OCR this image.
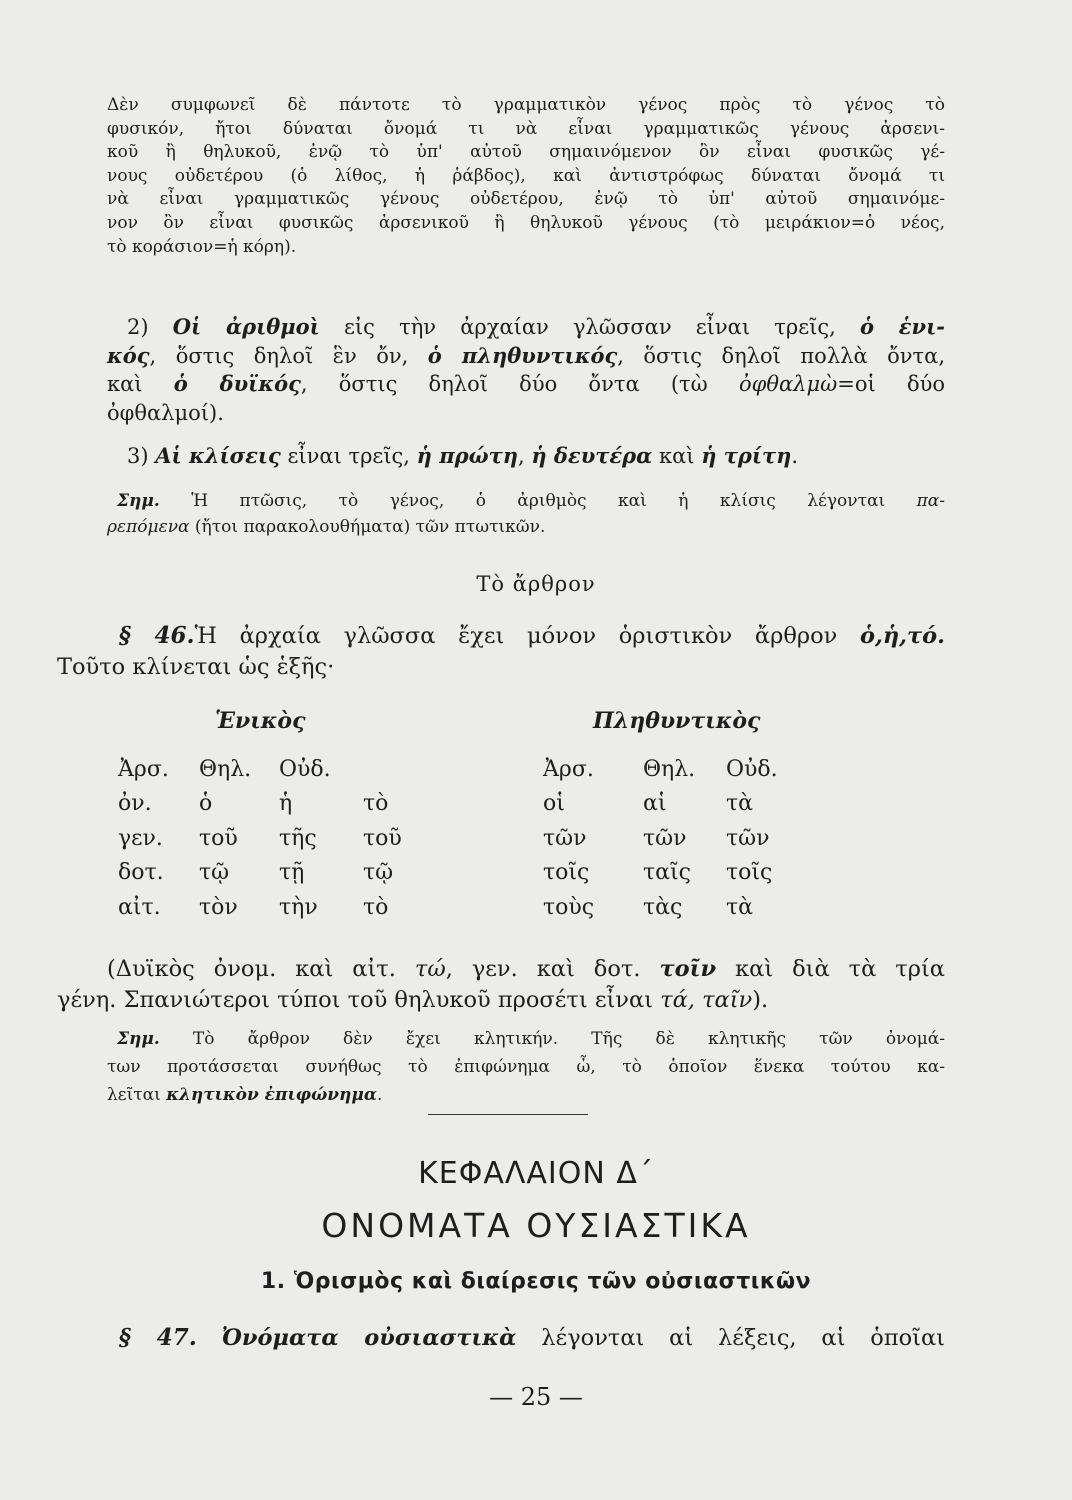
Δὲν συμφωνεῖ δὲ πάντοτε τὸ γραμματικὸν γένος πρὸς τὸ γένος τὸ
φυσικόν, ἤτοι δύναται ὄνομά τι νὰ εἶναι γραμματικῶς γένους ἀρσενι-
κοῦ ἢ θηλυκοῦ, ἐνῷ τὸ ὑπ' αὐτοῦ σημαινόμενον ὂν εἶναι φυσικῶς γέ-
νους οὐδετέρου (ὁ λίθος, ἡ ῥάβδος), καὶ ἀντιστρόφως δύναται ὄνομά τι
νὰ εἶναι γραμματικῶς γένους οὐδετέρου, ἐνῷ τὸ ὑπ' αὐτοῦ σημαινόμε-
νον ὂν εἶναι φυσικῶς ἀρσενικοῦ ἢ θηλυκοῦ γένους (τὸ μειράκιον=ὁ νέος,
τὸ κοράσιον=ἡ κόρη).
2) Οἱ ἀριθμοὶ εἰς τὴν ἀρχαίαν γλῶσσαν εἶναι τρεῖς, ὁ ἑνι-
κός, ὅστις δηλοῖ ἓν ὄν, ὁ πληθυντικός, ὅστις δηλοῖ πολλὰ ὄντα,
καὶ ὁ δυϊκός, ὅστις δηλοῖ δύο ὄντα (τὼ ὀφθαλμὼ=οἱ δύο
ὀφθαλμοί).
3) Αἱ κλίσεις εἶναι τρεῖς, ἡ πρώτη, ἡ δευτέρα καὶ ἡ τρίτη.
Σημ. Ἡ πτῶσις, τὸ γένος, ὁ ἀριθμὸς καὶ ἡ κλίσις λέγονται πα-
ρεπόμενα (ἤτοι παρακολουθήματα) τῶν πτωτικῶν.
Τὸ ἄρθρον
§ 46.Ἡ ἀρχαία γλῶσσα ἔχει μόνον ὁριστικὸν ἄρθρον ὁ,ἡ,τό.
Τοῦτο κλίνεται ὡς ἑξῆς·
Ἑνικὸς	Πληθυντικὸς
Ἀρσ.	Θηλ.	Οὐδ.			Ἀρσ.	Θηλ.	Οὐδ.
ὀν.	ὁ	ἡ	τὸ		οἱ	αἱ	τὰ
γεν.	τοῦ	τῆς	τοῦ		τῶν	τῶν	τῶν
δοτ.	τῷ	τῇ	τῷ		τοῖς	ταῖς	τοῖς
αἰτ.	τὸν	τὴν	τὸ		τοὺς	τὰς	τὰ
(Δυϊκὸς ὀνομ. καὶ αἰτ. τώ, γεν. καὶ δοτ. τοῖν καὶ διὰ τὰ τρία
γένη. Σπανιώτεροι τύποι τοῦ θηλυκοῦ προσέτι εἶναι τά, ταῖν).
Σημ. Τὸ ἄρθρον δὲν ἔχει κλητικήν. Τῆς δὲ κλητικῆς τῶν ὀνομά-
των προτάσσεται συνήθως τὸ ἐπιφώνημα ὦ, τὸ ὁποῖον ἕνεκα τούτου κα-
λεῖται κλητικὸν ἐπιφώνημα.
ΚΕΦΑΛΑΙΟΝ Δ΄
ΟΝΟΜΑΤΑ ΟΥΣΙΑΣΤΙΚΑ
1. Ὁρισμὸς καὶ διαίρεσις τῶν οὐσιαστικῶν
§ 47. Ὀνόματα οὐσιαστικὰ λέγονται αἱ λέξεις, αἱ ὁποῖαι
— 25 —
